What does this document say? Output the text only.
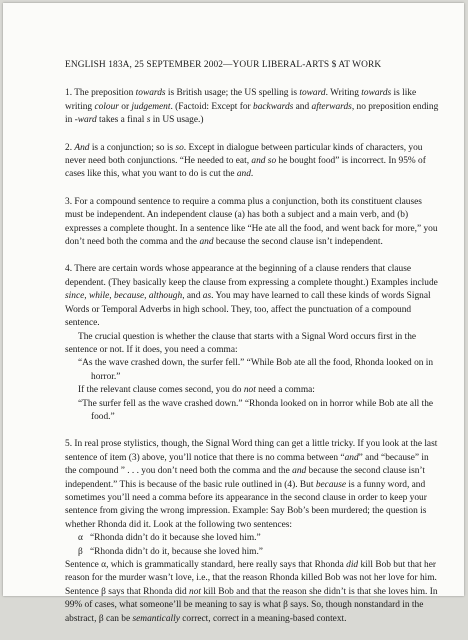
ENGLISH 183A, 25 SEPTEMBER 2002—YOUR LIBERAL-ARTS $ AT WORK

1. The preposition towards is British usage; the US spelling is toward. Writing towards is like writing colour or judgement. (Factoid: Except for backwards and afterwards, no preposition ending in -ward takes a final s in US usage.)

2. And is a conjunction; so is so. Except in dialogue between particular kinds of characters, you never need both conjunctions. “He needed to eat, and so he bought food” is incorrect. In 95% of cases like this, what you want to do is cut the and.

3. For a compound sentence to require a comma plus a conjunction, both its constituent clauses must be independent. An independent clause (a) has both a subject and a main verb, and (b) expresses a complete thought. In a sentence like “He ate all the food, and went back for more,” you don’t need both the comma and the and because the second clause isn’t independent.

4. There are certain words whose appearance at the beginning of a clause renders that clause dependent. (They basically keep the clause from expressing a complete thought.) Examples include since, while, because, although, and as. You may have learned to call these kinds of words Signal Words or Temporal Adverbs in high school. They, too, affect the punctuation of a compound sentence.

The crucial question is whether the clause that starts with a Signal Word occurs first in the sentence or not. If it does, you need a comma:

“As the wave crashed down, the surfer fell.” “While Bob ate all the food, Rhonda looked on in horror.”

If the relevant clause comes second, you do not need a comma:

“The surfer fell as the wave crashed down.” “Rhonda looked on in horror while Bob ate all the food.”

5. In real prose stylistics, though, the Signal Word thing can get a little tricky. If you look at the last sentence of item (3) above, you’ll notice that there is no comma between “and” and “because” in the compound ” . . . you don’t need both the comma and the and because the second clause isn’t independent.” This is because of the basic rule outlined in (4). But because is a funny word, and sometimes you’ll need a comma before its appearance in the second clause in order to keep your sentence from giving the wrong impression. Example: Say Bob’s been murdered; the question is whether Rhonda did it. Look at the following two sentences:

α “Rhonda didn’t do it because she loved him.”

β “Rhonda didn’t do it, because she loved him.”

Sentence α, which is grammatically standard, here really says that Rhonda did kill Bob but that her reason for the murder wasn’t love, i.e., that the reason Rhonda killed Bob was not her love for him. Sentence β says that Rhonda did not kill Bob and that the reason she didn’t is that she loves him. In 99% of cases, what someone’ll be meaning to say is what β says. So, though nonstandard in the abstract, β can be semantically correct, correct in a meaning-based context.
